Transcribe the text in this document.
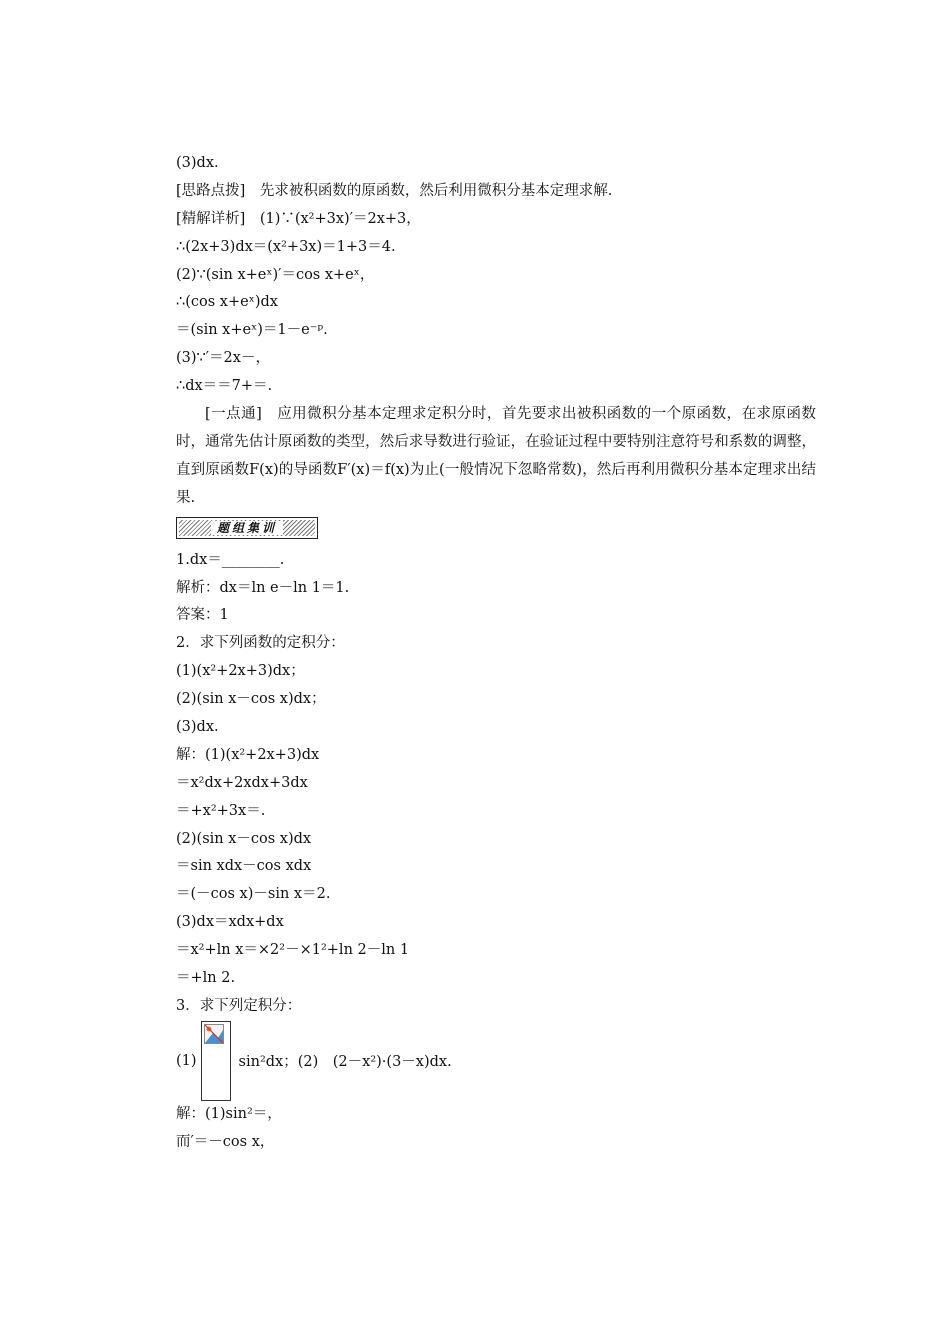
(3)dx.
[思路点拨]　先求被积函数的原函数，然后利用微积分基本定理求解.
[精解详析]　(1)∵(x²+3x)′＝2x+3，
∴(2x+3)dx＝(x²+3x)＝1+3＝4.
(2)∵(sin x+eˣ)′＝cos x+eˣ，
∴(cos x+eˣ)dx
＝(sin x+eˣ)＝1－e⁻ᵖ.
(3)∵′＝2x－，
∴dx＝＝7+＝.
[一点通]　应用微积分基本定理求定积分时，首先要求出被积函数的一个原函数，在求原函数时，通常先估计原函数的类型，然后求导数进行验证，在验证过程中要特别注意符号和系数的调整，直到原函数F(x)的导函数F′(x)＝f(x)为止(一般情况下忽略常数)，然后再利用微积分基本定理求出结果.
题组集训
1.dx＝________.
解析：dx＝ln e－ln 1＝1.
答案：1
2．求下列函数的定积分：
(1)(x²+2x+3)dx；
(2)(sin x－cos x)dx；
(3)dx.
解：(1)(x²+2x+3)dx
＝x²dx+2xdx+3dx
＝+x²+3x＝.
(2)(sin x－cos x)dx
＝sin xdx－cos xdx
＝(－cos x)－sin x＝2.
(3)dx＝xdx+dx
＝x²+ln x＝×2²－×1²+ln 2－ln 1
＝+ln 2.
3．求下列定积分：
(1)	sin²dx；(2)　(2－x²)·(3－x)dx.
解：(1)sin²＝，
而′＝－cos x，
